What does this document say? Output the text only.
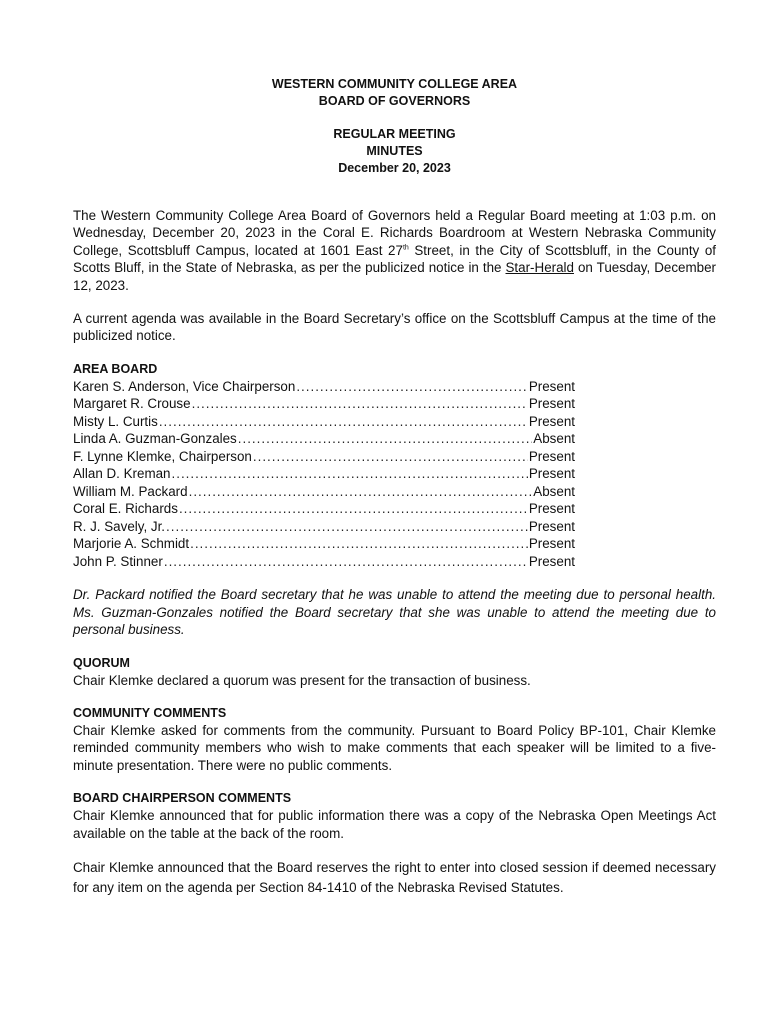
WESTERN COMMUNITY COLLEGE AREA
BOARD OF GOVERNORS
REGULAR MEETING
MINUTES
December 20, 2023

The Western Community College Area Board of Governors held a Regular Board meeting at 1:03 p.m. on Wednesday, December 20, 2023 in the Coral E. Richards Boardroom at Western Nebraska Community College, Scottsbluff Campus, located at 1601 East 27th Street, in the City of Scottsbluff, in the County of Scotts Bluff, in the State of Nebraska, as per the publicized notice in the Star-Herald on Tuesday, December 12, 2023.

A current agenda was available in the Board Secretary’s office on the Scottsbluff Campus at the time of the publicized notice.

AREA BOARD
Karen S. Anderson, Vice Chairperson .....	Present
Margaret R. Crouse .....	Present
Misty L. Curtis .....	Present
Linda A. Guzman-Gonzales .....	Absent
F. Lynne Klemke, Chairperson .....	Present
Allan D. Kreman .....	Present
William M. Packard .....	Absent
Coral E. Richards .....	Present
R. J. Savely, Jr. .....	Present
Marjorie A. Schmidt .....	Present
John P. Stinner .....	Present

Dr. Packard notified the Board secretary that he was unable to attend the meeting due to personal health. Ms. Guzman-Gonzales notified the Board secretary that she was unable to attend the meeting due to personal business.

QUORUM

Chair Klemke declared a quorum was present for the transaction of business.

COMMUNITY COMMENTS

Chair Klemke asked for comments from the community. Pursuant to Board Policy BP-101, Chair Klemke reminded community members who wish to make comments that each speaker will be limited to a five-minute presentation. There were no public comments.

BOARD CHAIRPERSON COMMENTS

Chair Klemke announced that for public information there was a copy of the Nebraska Open Meetings Act available on the table at the back of the room.

Chair Klemke announced that the Board reserves the right to enter into closed session if deemed necessary for any item on the agenda per Section 84-1410 of the Nebraska Revised Statutes.
